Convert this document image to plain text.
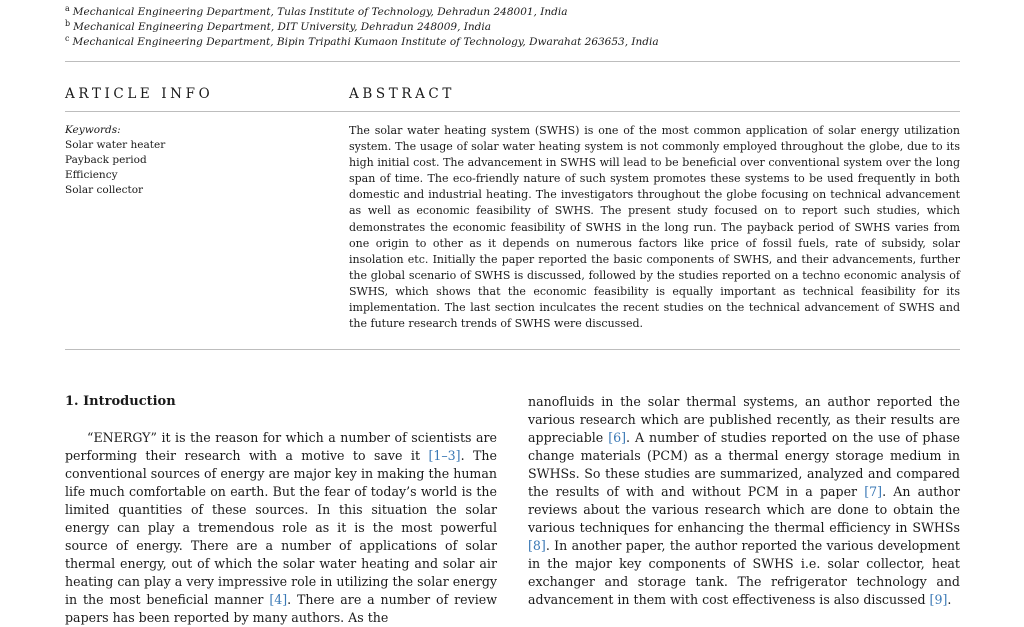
$^a$ Mechanical Engineering Department, Tulas Institute of Technology, Dehradun 248001, India
$^b$ Mechanical Engineering Department, DIT University, Dehradun 248009, India
$^c$ Mechanical Engineering Department, Bipin Tripathi Kumaon Institute of Technology, Dwarahat 263653, India
ARTICLE INFO	ABSTRACT
Keywords:
Solar water heater
Payback period
Efficiency
Solar collector
The solar water heating system (SWHS) is one of the most common application of solar energy utilization system. The usage of solar water heating system is not commonly employed throughout the globe, due to its high initial cost. The advancement in SWHS will lead to be beneficial over conventional system over the long span of time. The eco-friendly nature of such system promotes these systems to be used frequently in both domestic and industrial heating. The investigators throughout the globe focusing on technical advancement as well as economic feasibility of SWHS. The present study focused on to report such studies, which demonstrates the economic feasibility of SWHS in the long run. The payback period of SWHS varies from one origin to other as it depends on numerous factors like price of fossil fuels, rate of subsidy, solar insolation etc. Initially the paper reported the basic components of SWHS, and their advancements, further the global scenario of SWHS is discussed, followed by the studies reported on a techno economic analysis of SWHS, which shows that the economic feasibility is equally important as technical feasibility for its implementation. The last section inculcates the recent studies on the technical advancement of SWHS and the future research trends of SWHS were discussed.
1. Introduction
“ENERGY” it is the reason for which a number of scientists are performing their research with a motive to save it [1–3]. The conventional sources of energy are major key in making the human life much comfortable on earth. But the fear of today’s world is the limited quantities of these sources. In this situation the solar energy can play a tremendous role as it is the most powerful source of energy. There are a number of applications of solar thermal energy, out of which the solar water heating and solar air heating can play a very impressive role in utilizing the solar energy in the most beneficial manner [4]. There are a number of review papers has been reported by many authors. As the
nanofluids in the solar thermal systems, an author reported the various research which are published recently, as their results are appreciable [6]. A number of studies reported on the use of phase change materials (PCM) as a thermal energy storage medium in SWHSs. So these studies are summarized, analyzed and compared the results of with and without PCM in a paper [7]. An author reviews about the various research which are done to obtain the various techniques for enhancing the thermal efficiency in SWHSs [8]. In another paper, the author reported the various development in the major key components of SWHS i.e. solar collector, heat exchanger and storage tank. The refrigerator technology and advancement in them with cost effectiveness is also discussed [9].
